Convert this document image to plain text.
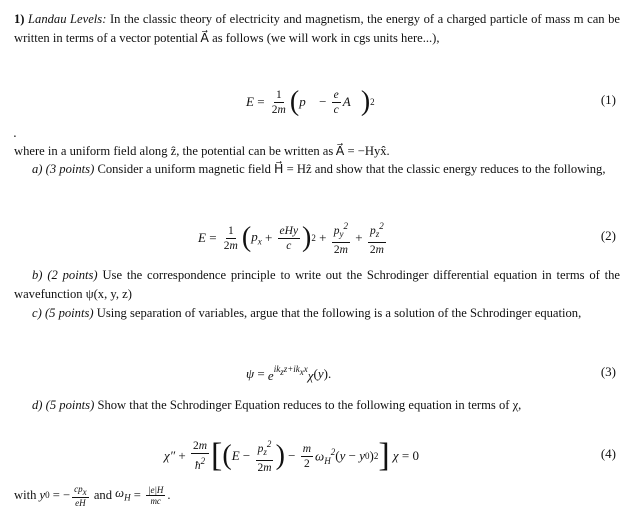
1) Landau Levels: In the classic theory of electricity and magnetism, the energy of a charged particle of mass m can be written in terms of a vector potential A⃗ as follows (we will work in cgs units here...),
$E = \frac{1}{2m}$ ( p⃗ − $\frac{e}{c}$ A⃗ ) 2	(1)
.
where in a uniform field along ẑ, the potential can be written as A⃗ = −Hyx̂.
a) (3 points) Consider a uniform magnetic field H⃗ = Hẑ and show that the classic energy reduces to the following,
$E = \frac{1}{2m}$ ( $p_x + \frac{\text{eHy}}{c}$ ) $2 + \frac{p_y^2}{2m} + \frac{p_z^2}{2m}$	(2)
b) (2 points) Use the correspondence principle to write out the Schrodinger differential equation in terms of the wavefunction ψ(x, y, z)
c) (5 points) Using separation of variables, argue that the following is a solution of the Schrodinger equation,
$\psi = e^{ik_zz+ik_xx}\chi$ ( y ).	(3)
d) (5 points) Show that the Schrodinger Equation reduces to the following equation in terms of χ,
$\chi'' + \frac{2m}{ħ^2}$ [ ( $E - \frac{p_z^2}{2m}$ ) − $\frac{m}{2} \omega_H^2$ ( y − y 0 ) 2 ]
χ = 0	(4)
with
y 0 = − $\frac{cp_x}{eH}$
and
$\omega_H = \frac{|e|H}{mc}$ .
